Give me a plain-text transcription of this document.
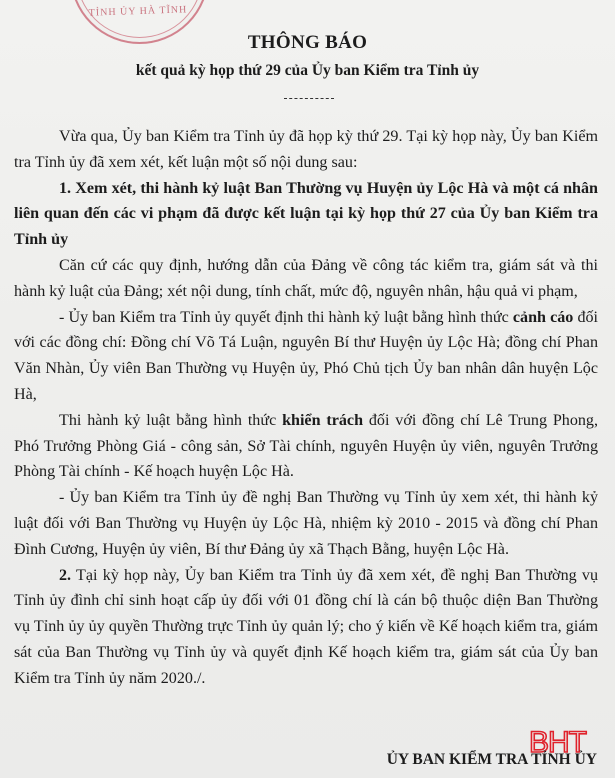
TỈNH ỦY HÀ TĨNH
THÔNG BÁO
kết quả kỳ họp thứ 29 của Ủy ban Kiểm tra Tỉnh ủy

Vừa qua, Ủy ban Kiểm tra Tỉnh ủy đã họp kỳ thứ 29. Tại kỳ họp này, Ủy ban Kiểm tra Tỉnh ủy đã xem xét, kết luận một số nội dung sau:

1. Xem xét, thi hành kỷ luật Ban Thường vụ Huyện ủy Lộc Hà và một cá nhân liên quan đến các vi phạm đã được kết luận tại kỳ họp thứ 27 của Ủy ban Kiểm tra Tỉnh ủy

Căn cứ các quy định, hướng dẫn của Đảng về công tác kiểm tra, giám sát và thi hành kỷ luật của Đảng; xét nội dung, tính chất, mức độ, nguyên nhân, hậu quả vi phạm,

- Ủy ban Kiểm tra Tỉnh ủy quyết định thi hành kỷ luật bằng hình thức cảnh cáo đối với các đồng chí: Đồng chí Võ Tá Luận, nguyên Bí thư Huyện ủy Lộc Hà; đồng chí Phan Văn Nhàn, Ủy viên Ban Thường vụ Huyện ủy, Phó Chủ tịch Ủy ban nhân dân huyện Lộc Hà,

Thi hành kỷ luật bằng hình thức khiển trách đối với đồng chí Lê Trung Phong, Phó Trưởng Phòng Giá - công sản, Sở Tài chính, nguyên Huyện ủy viên, nguyên Trưởng Phòng Tài chính - Kế hoạch huyện Lộc Hà.

- Ủy ban Kiểm tra Tỉnh ủy đề nghị Ban Thường vụ Tỉnh ủy xem xét, thi hành kỷ luật đối với Ban Thường vụ Huyện ủy Lộc Hà, nhiệm kỳ 2010 - 2015 và đồng chí Phan Đình Cương, Huyện ủy viên, Bí thư Đảng ủy xã Thạch Bằng, huyện Lộc Hà.

2. Tại kỳ họp này, Ủy ban Kiểm tra Tỉnh ủy đã xem xét, đề nghị Ban Thường vụ Tỉnh ủy đình chỉ sinh hoạt cấp ủy đối với 01 đồng chí là cán bộ thuộc diện Ban Thường vụ Tỉnh ủy ủy quyền Thường trực Tỉnh ủy quản lý; cho ý kiến về Kế hoạch kiểm tra, giám sát của Ban Thường vụ Tỉnh ủy và quyết định Kế hoạch kiểm tra, giám sát của Ủy ban Kiểm tra Tỉnh ủy năm 2020./.

BHT
ỦY BAN KIỂM TRA TỈNH ỦY
